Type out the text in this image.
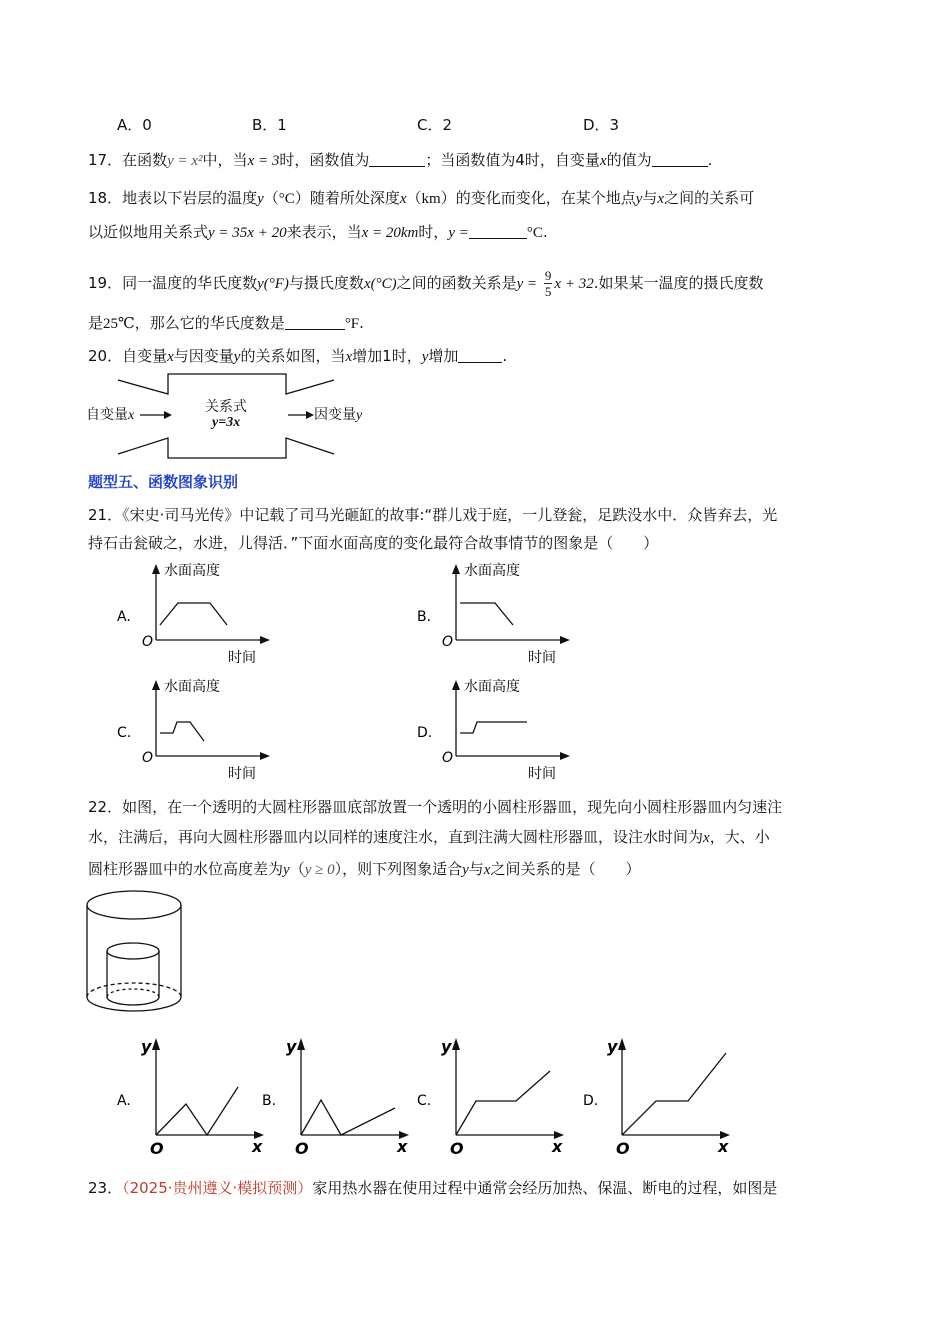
A．0	B．1	C．2	D．3
17．在函数y = x²中，当x = 3时，函数值为	；当函数值为4时，自变量x的值为	.
18．地表以下岩层的温度y（°C）随着所处深度x（km）的变化而变化，在某个地点y与x之间的关系可
以近似地用关系式y = 35x + 20来表示，当x = 20km时，y =	°C.
19．同一温度的华氏度数y(°F)与摄氏度数x(°C)之间的函数关系是$y = \frac{9}{5}$ x + 32.如果某一温度的摄氏度数
是25℃，那么它的华氏度数是	°F.
20．自变量x与因变量y的关系如图，当x增加1时，y增加	.
自变量x
关系式
y=3x	因变量y
题型五、函数图象识别
21．《宋史·司马光传》中记载了司马光砸缸的故事:“群儿戏于庭，一儿登瓮，足跌没水中．众皆弃去，光
持石击瓮破之，水进，儿得活．”下面水面高度的变化最符合故事情节的图象是（　　）
A.
水面高度
时间
O
B.
水面高度
时间
O
C.
水面高度
时间
O
D.
水面高度
时间
O
22．如图，在一个透明的大圆柱形器皿底部放置一个透明的小圆柱形器皿，现先向小圆柱形器皿内匀速注
水，注满后，再向大圆柱形器皿内以同样的速度注水，直到注满大圆柱形器皿，设注水时间为x，大、小
圆柱形器皿中的水位高度差为y（y ≥ 0），则下列图象适合y与x之间关系的是（　　）
A.
y
x
O
B.
y
x
O
C.
y
x
O
D.
y
x
O
23．（2025·贵州遵义·模拟预测）家用热水器在使用过程中通常会经历加热、保温、断电的过程，如图是
